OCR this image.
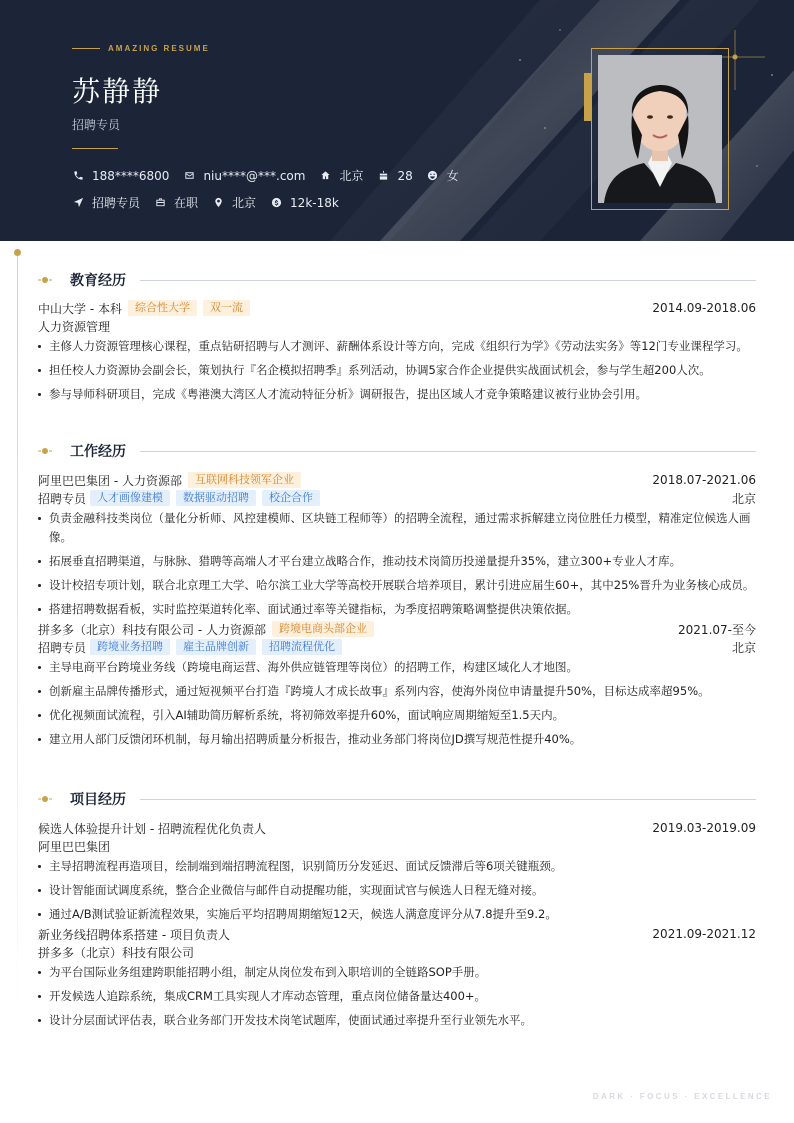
AMAZING RESUME
苏静静
招聘专员
188****6800	niu****@***.com	北京	28	女
招聘专员	在职	北京	12k-18k
教育经历
中山大学 - 本科	综合性大学	双一流	2014.09-2018.06
人力资源管理
主修人力资源管理核心课程，重点钻研招聘与人才测评、薪酬体系设计等方向，完成《组织行为学》《劳动法实务》等12门专业课程学习。
担任校人力资源协会副会长，策划执行『名企模拟招聘季』系列活动，协调5家合作企业提供实战面试机会，参与学生超200人次。
参与导师科研项目，完成《粤港澳大湾区人才流动特征分析》调研报告，提出区域人才竞争策略建议被行业协会引用。
工作经历
阿里巴巴集团 - 人力资源部	互联网科技领军企业	2018.07-2021.06
招聘专员	人才画像建模	数据驱动招聘	校企合作	北京
负责金融科技类岗位（量化分析师、风控建模师、区块链工程师等）的招聘全流程，通过需求拆解建立岗位胜任力模型，精准定位候选人画像。
拓展垂直招聘渠道，与脉脉、猎聘等高端人才平台建立战略合作，推动技术岗简历投递量提升35%，建立300+专业人才库。
设计校招专项计划，联合北京理工大学、哈尔滨工业大学等高校开展联合培养项目，累计引进应届生60+，其中25%晋升为业务核心成员。
搭建招聘数据看板，实时监控渠道转化率、面试通过率等关键指标，为季度招聘策略调整提供决策依据。
拼多多（北京）科技有限公司 - 人力资源部	跨境电商头部企业	2021.07-至今
招聘专员	跨境业务招聘	雇主品牌创新	招聘流程优化	北京
主导电商平台跨境业务线（跨境电商运营、海外供应链管理等岗位）的招聘工作，构建区域化人才地图。
创新雇主品牌传播形式，通过短视频平台打造『跨境人才成长故事』系列内容，使海外岗位申请量提升50%，目标达成率超95%。
优化视频面试流程，引入AI辅助简历解析系统，将初筛效率提升60%，面试响应周期缩短至1.5天内。
建立用人部门反馈闭环机制，每月输出招聘质量分析报告，推动业务部门将岗位JD撰写规范性提升40%。
项目经历
候选人体验提升计划 - 招聘流程优化负责人	2019.03-2019.09
阿里巴巴集团
主导招聘流程再造项目，绘制端到端招聘流程图，识别简历分发延迟、面试反馈滞后等6项关键瓶颈。
设计智能面试调度系统，整合企业微信与邮件自动提醒功能，实现面试官与候选人日程无缝对接。
通过A/B测试验证新流程效果，实施后平均招聘周期缩短12天，候选人满意度评分从7.8提升至9.2。
新业务线招聘体系搭建 - 项目负责人	2021.09-2021.12
拼多多（北京）科技有限公司
为平台国际业务组建跨职能招聘小组，制定从岗位发布到入职培训的全链路SOP手册。
开发候选人追踪系统，集成CRM工具实现人才库动态管理，重点岗位储备量达400+。
设计分层面试评估表，联合业务部门开发技术岗笔试题库，使面试通过率提升至行业领先水平。
DARK · FOCUS · EXCELLENCE
